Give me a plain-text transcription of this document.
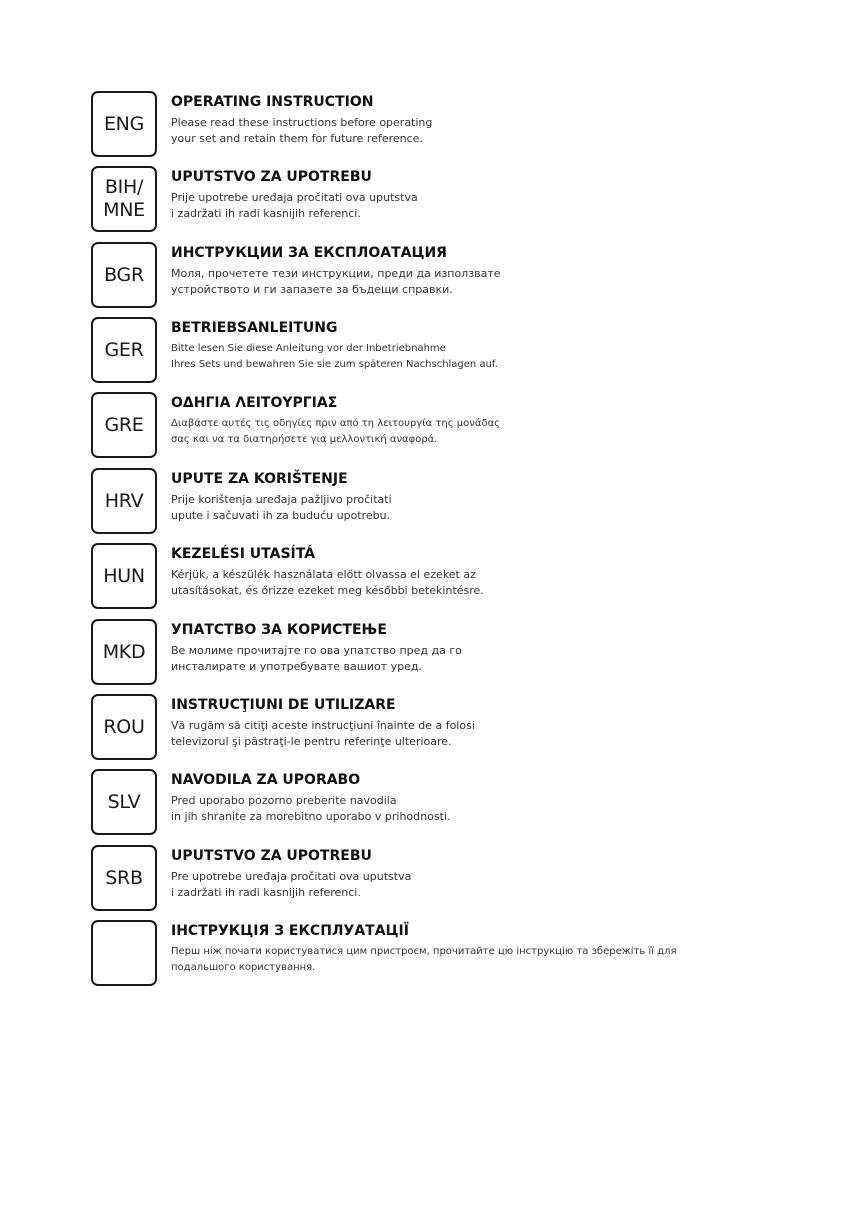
ENG
OPERATING INSTRUCTION
Please read these instructions before operating
your set and retain them for future reference.
BIH/
MNE
UPUTSTVO ZA UPOTREBU
Prije upotrebe uređaja pročitati ova uputstva
i zadržati ih radi kasnijih referenci.
BGR
ИНСТРУКЦИИ ЗА ЕКСПЛОАТАЦИЯ
Моля, прочетете тези инструкции, преди да използвате
устройството и ги запазете за бъдещи справки.
GER
BETRIEBSANLEITUNG
Bitte lesen Sie diese Anleitung vor der Inbetriebnahme
Ihres Sets und bewahren Sie sie zum späteren Nachschlagen auf.
GRE
ΟΔΗΓΙΑ ΛΕΙΤΟΥΡΓΙΑΣ
Διαβάστε αυτές τις οδηγίες πριν από τη λειτουργία της μονάδας
σας και να τα διατηρήσετε για μελλοντική αναφορά.
HRV
UPUTE ZA KORIŠTENJE
Prije korištenja uređaja pažljivo pročitati
upute i sačuvati ih za buduću upotrebu.
HUN
KEZELÉSI UTASÍTÁ
Kérjük, a készülék használata előtt olvassa el ezeket az
utasításokat, és őrizze ezeket meg későbbi betekintésre.
MKD
УПАТСТВО ЗА КОРИСТЕЊЕ
Ве молиме прочитајте го ова упатство пред да го
инсталирате и употребувате вашиот уред.
ROU
INSTRUCŢIUNI DE UTILIZARE
Vă rugăm să citiţi aceste instrucţiuni înainte de a folosi
televizorul şi păstraţi-le pentru referinţe ulterioare.
SLV
NAVODILA ZA UPORABO
Pred uporabo pozorno preberite navodila
in jih shranite za morebitno uporabo v prihodnosti.
SRB
UPUTSTVO ZA UPOTREBU
Pre upotrebe uređaja pročitati ova uputstva
i zadržati ih radi kasnijih referenci.
ІНСТРУКЦІЯ З ЕКСПЛУАТАЦІЇ
Перш ніж почати користуватися цим пристроєм, прочитайте цю інструкцію та збережіть її для
подальшого користування.
